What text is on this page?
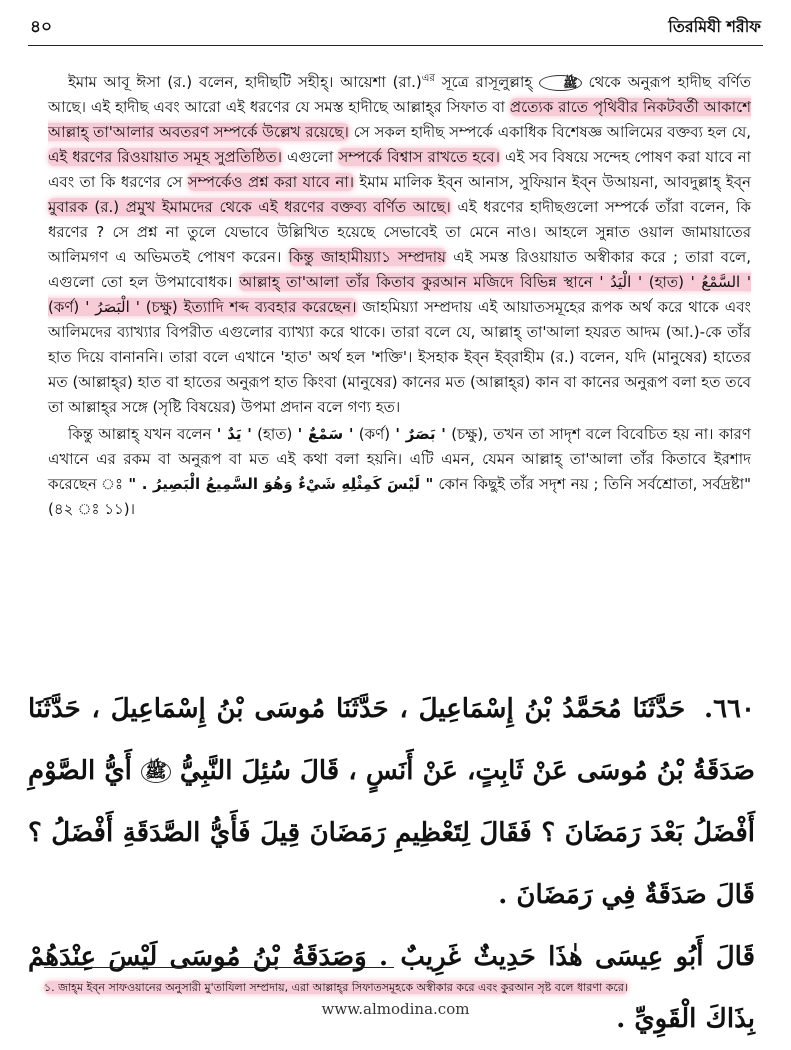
৪০	তিরমিযী শরীফ

ইমাম আবূ ঈসা (র.) বলেন, হাদীছটি সহীহ্। আয়েশা (রা.)$^{এর}$ সূত্রে রাসূলুল্লাহ্	ﷺ থেকে অনুরূপ হাদীছ বর্ণিত আছে। এই হাদীছ এবং আরো এই ধরণের যে সমস্ত হাদীছে আল্লাহ্‌র সিফাত বা প্রত্যেক রাতে পৃথিবীর নিকটবর্তী আকাশে আল্লাহ্ তা'আলার অবতরণ সম্পর্কে উল্লেখ রয়েছে। সে সকল হাদীছ সম্পর্কে একাধিক বিশেষজ্ঞ আলিমের বক্তব্য হল যে, এই ধরণের রিওয়ায়াত সমূহ সুপ্রতিষ্ঠিত। এগুলো সম্পর্কে বিশ্বাস রাখতে হবে। এই সব বিষয়ে সন্দেহ পোষণ করা যাবে না এবং তা কি ধরণের সে সম্পর্কেও প্রশ্ন করা যাবে না। ইমাম মালিক ইব্‌ন আনাস, সুফিয়ান ইব্‌ন উআয়না, আবদুল্লাহ্ ইব্‌ন মুবারক (র.) প্রমুখ ইমামদের থেকে এই ধরণের বক্তব্য বর্ণিত আছে। এই ধরণের হাদীছগুলো সম্পর্কে তাঁরা বলেন, কি ধরণের ? সে প্রশ্ন না তুলে যেভাবে উল্লিখিত হয়েছে সেভাবেই তা মেনে নাও। আহলে সুন্নাত ওয়াল জামায়াতের আলিমগণ এ অভিমতই পোষণ করেন। কিন্তু জাহামীয়্যা১ সম্প্রদায় এই সমস্ত রিওয়ায়াত অস্বীকার করে ; তারা বলে, এগুলো তো হল উপমাবোধক। আল্লাহ্ তা'আলা তাঁর কিতাব কুরআন মজিদে বিভিন্ন স্থানে ' الْيَدُ ' (হাত) ' السَّمْعُ ' (কর্ণ) ' الْبَصَرُ ' (চক্ষু) ইত্যাদি শব্দ ব্যবহার করেছেন। জাহমিয়্যা সম্প্রদায় এই আয়াতসমূহের রূপক অর্থ করে থাকে এবং আলিমদের ব্যাখ্যার বিপরীত এগুলোর ব্যাখ্যা করে থাকে। তারা বলে যে, আল্লাহ্ তা'আলা হযরত আদম (আ.)-কে তাঁর হাত দিয়ে বানাননি। তারা বলে এখানে 'হাত' অর্থ হল 'শক্তি'। ইসহাক ইব্‌ন ইব্‌রাহীম (র.) বলেন, যদি (মানুষের) হাতের মত (আল্লাহ্‌র) হাত বা হাতের অনুরূপ হাত কিংবা (মানুষের) কানের মত (আল্লাহ্‌র) কান বা কানের অনুরূপ বলা হত তবে তা আল্লাহ্‌র সঙ্গে (সৃষ্টি বিষয়ের) উপমা প্রদান বলে গণ্য হত।

কিন্তু আল্লাহ্ যখন বলেন ' يَدٌ ' (হাত) ' سَمْعٌ ' (কর্ণ) ' بَصَرٌ ' (চক্ষু), তখন তা সাদৃশ বলে বিবেচিত হয় না। কারণ এখানে এর রকম বা অনুরূপ বা মত এই কথা বলা হয়নি। এটি এমন, যেমন আল্লাহ্ তা'আলা তাঁর কিতাবে ইরশাদ করেছেন ঃ " لَيْسَ كَمِثْلِهِ شَيْءٌ وَهُوَ السَّمِيعُ الْبَصِيرُ . " কোন কিছুই তাঁর সদৃশ নয় ; তিনি সর্বশ্রোতা, সর্বদ্রষ্টা" (৪২ ঃ ১১)।

٦٦٠. حَدَّثَنَا مُحَمَّدُ بْنُ إِسْمَاعِيلَ ، حَدَّثَنَا مُوسَى بْنُ إِسْمَاعِيلَ ، حَدَّثَنَا صَدَقَةُ بْنُ مُوسَى عَنْ ثَابِتٍ، عَنْ أَنَسٍ ، قَالَ سُئِلَ النَّبِيُّ ﷺ أَيُّ الصَّوْمِ أَفْضَلُ بَعْدَ رَمَضَانَ ؟ فَقَالَ لِتَعْظِيمِ رَمَضَانَ قِيلَ فَأَيُّ الصَّدَقَةِ أَفْضَلُ ؟ قَالَ صَدَقَةٌ فِي رَمَضَانَ .
قَالَ أَبُو عِيسَى هٰذَا حَدِيثٌ غَرِيبٌ . وَصَدَقَةُ بْنُ مُوسَى لَيْسَ عِنْدَهُمْ بِذَاكَ الْقَوِيِّ .
১. জাহ্‌ম ইব্‌ন সাফওয়ানের অনুসারী মু'তাযিলা সম্প্রদায়, এরা আল্লাহ্‌র সিফাতসমূহকে অস্বীকার করে এবং কুরআন সৃষ্ট বলে ধারণা করে।
www.almodina.com
